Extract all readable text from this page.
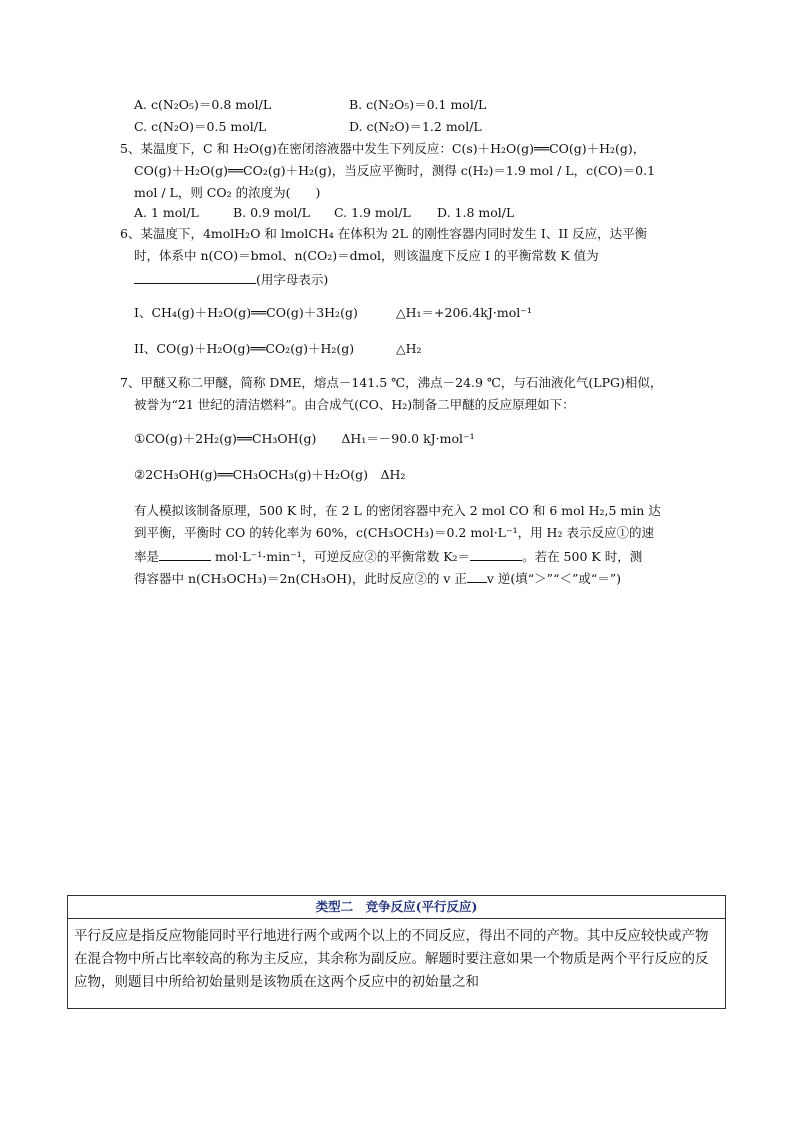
A. c(N₂O₅)＝0.8 mol/L	B. c(N₂O₅)＝0.1 mol/L
C. c(N₂O)＝0.5 mol/L	D. c(N₂O)＝1.2 mol/L
5、某温度下，C 和 H₂O(g)在密闭溶液器中发生下列反应：C(s)＋H₂O(g)══CO(g)＋H₂(g)，
CO(g)＋H₂O(g)══CO₂(g)＋H₂(g)，当反应平衡时，测得 c(H₂)＝1.9 mol / L，c(CO)＝0.1
mol / L，则 CO₂ 的浓度为(　　)
A. 1 mol/L	B. 0.9 mol/L C. 1.9 mol/L D. 1.8 mol/L
6、某温度下，4molH₂O 和 lmolCH₄ 在体积为 2L 的刚性容器内同时发生 I、II 反应，达平衡
时，体系中 n(CO)＝bmol、n(CO₂)＝dmol，则该温度下反应 I 的平衡常数 K 值为
(用字母表示)
I、CH₄(g)＋H₂O(g)══CO(g)＋3H₂(g)	△H₁＝+206.4kJ·mol⁻¹
II、CO(g)＋H₂O(g)══CO₂(g)＋H₂(g)	△H₂
7、甲醚又称二甲醚，简称 DME，熔点－141.5 ℃，沸点－24.9 ℃，与石油液化气(LPG)相似，
被誉为“21 世纪的清洁燃料”。由合成气(CO、H₂)制备二甲醚的反应原理如下：
①CO(g)＋2H₂(g)══CH₃OH(g)　　ΔH₁＝－90.0 kJ·mol⁻¹
②2CH₃OH(g)══CH₃OCH₃(g)＋H₂O(g)　ΔH₂
有人模拟该制备原理，500 K 时，在 2 L 的密闭容器中充入 2 mol CO 和 6 mol H₂,5 min 达
到平衡，平衡时 CO 的转化率为 60%，c(CH₃OCH₃)＝0.2 mol·L⁻¹，用 H₂ 表示反应①的速
率是	mol·L⁻¹·min⁻¹，可逆反应②的平衡常数 K₂＝	。若在 500 K 时，测
得容器中 n(CH₃OCH₃)＝2n(CH₃OH)，此时反应②的 v 正 v 逆(填“＞”“＜”或“＝”)
类型二　竞争反应(平行反应)
平行反应是指反应物能同时平行地进行两个或两个以上的不同反应，得出不同的产物。其中反应较快或产物在混合物中所占比率较高的称为主反应，其余称为副反应。解题时要注意如果一个物质是两个平行反应的反应物，则题目中所给初始量则是该物质在这两个反应中的初始量之和
